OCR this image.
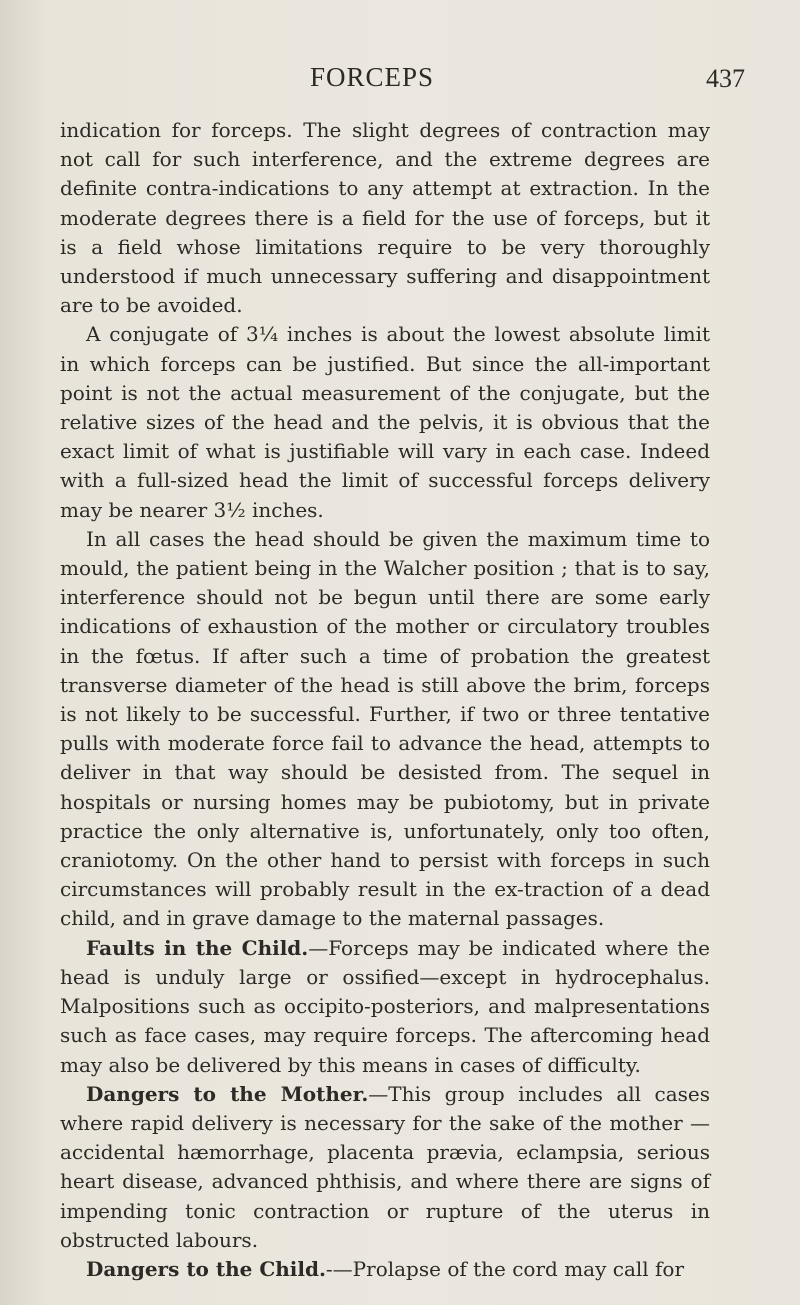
FORCEPS	437

indication for forceps. The slight degrees of contraction may not call for such interference, and the extreme degrees are definite contra-indications to any attempt at extraction. In the moderate degrees there is a field for the use of forceps, but it is a field whose limitations require to be very thoroughly understood if much unnecessary suffering and disappointment are to be avoided.

A conjugate of 3¼ inches is about the lowest absolute limit in which forceps can be justified. But since the all-important point is not the actual measurement of the conjugate, but the relative sizes of the head and the pelvis, it is obvious that the exact limit of what is justifiable will vary in each case. Indeed with a full-sized head the limit of successful forceps delivery may be nearer 3½ inches.

In all cases the head should be given the maximum time to mould, the patient being in the Walcher position ; that is to say, interference should not be begun until there are some early indications of exhaustion of the mother or circulatory troubles in the fœtus. If after such a time of probation the greatest transverse diameter of the head is still above the brim, forceps is not likely to be successful. Further, if two or three tentative pulls with moderate force fail to advance the head, attempts to deliver in that way should be desisted from. The sequel in hospitals or nursing homes may be pubiotomy, but in private practice the only alternative is, unfortunately, only too often, craniotomy. On the other hand to persist with forceps in such circumstances will probably result in the ex-traction of a dead child, and in grave damage to the maternal passages.

Faults in the Child.—Forceps may be indicated where the head is unduly large or ossified—except in hydrocephalus. Malpositions such as occipito-posteriors, and malpresentations such as face cases, may require forceps. The aftercoming head may also be delivered by this means in cases of difficulty.

Dangers to the Mother.—This group includes all cases where rapid delivery is necessary for the sake of the mother —accidental hæmorrhage, placenta prævia, eclampsia, serious heart disease, advanced phthisis, and where there are signs of impending tonic contraction or rupture of the uterus in obstructed labours.

Dangers to the Child.-—Prolapse of the cord may call for
